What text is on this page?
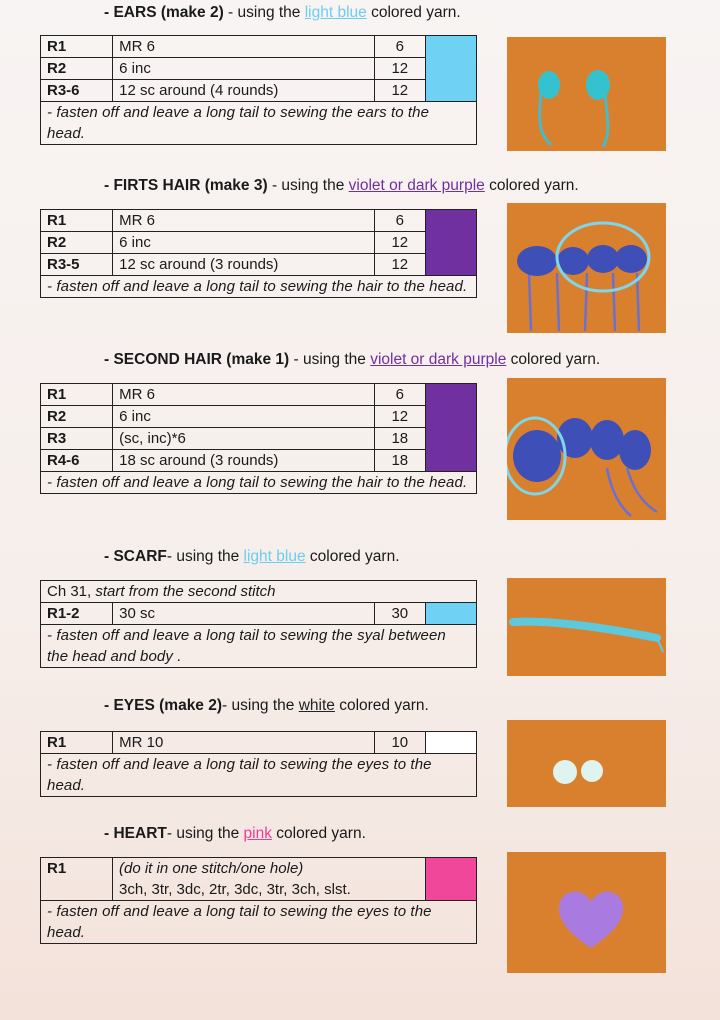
- EARS (make 2) - using the light blue colored yarn.
R1	MR 6	6	
R2	6 inc	12	
R3-6	12 sc around (4 rounds)	12	
- fasten off and leave a long tail to sewing the ears to the head.			
- FIRTS HAIR (make 3) - using the violet or dark purple colored yarn.
R1	MR 6	6	
R2	6 inc	12	
R3-5	12 sc around (3 rounds)	12	
- fasten off and leave a long tail to sewing the hair to the head.			
- SECOND HAIR (make 1) - using the violet or dark purple colored yarn.
R1	MR 6	6	
R2	6 inc	12	
R3	(sc, inc)*6	18	
R4-6	18 sc around (3 rounds)	18	
- fasten off and leave a long tail to sewing the hair to the head.			
- SCARF- using the light blue colored yarn.
Ch 31, start from the second stitch
R1-2	30 sc	30	
- fasten off and leave a long tail to sewing the syal between the head and body .
- EYES (make 2)- using the white colored yarn.
R1	MR 10	10	
- fasten off and leave a long tail to sewing the eyes to the head.
- HEART- using the pink colored yarn.
R1	(do it in one stitch/one hole)
3ch, 3tr, 3dc, 2tr, 3dc, 3tr, 3ch, slst.	
- fasten off and leave a long tail to sewing the eyes to the head.
